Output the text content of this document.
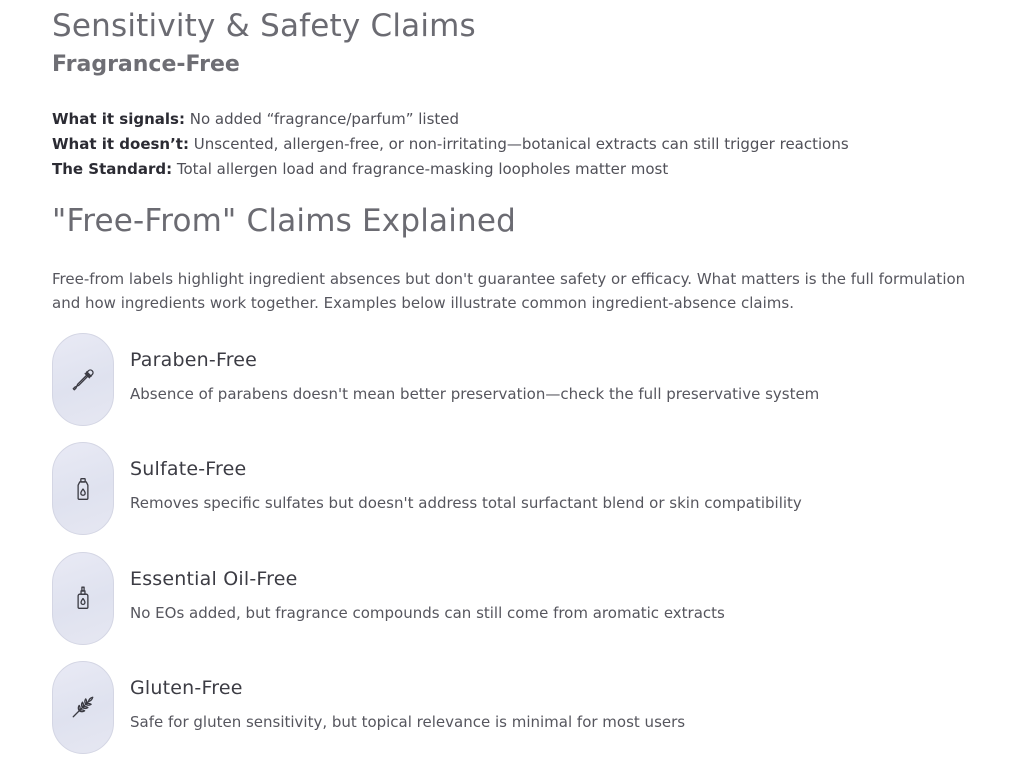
Sensitivity & Safety Claims
Fragrance-Free
What it signals: No added “fragrance/parfum” listed
What it doesn’t: Unscented, allergen-free, or non-irritating—botanical extracts can still trigger reactions
The Standard: Total allergen load and fragrance-masking loopholes matter most
"Free-From" Claims Explained

Free-from labels highlight ingredient absences but don't guarantee safety or efficacy. What matters is the full formulation and how ingredients work together. Examples below illustrate common ingredient-absence claims.

Paraben-Free
Absence of parabens doesn't mean better preservation—check the full preservative system
Sulfate-Free
Removes specific sulfates but doesn't address total surfactant blend or skin compatibility
Essential Oil-Free
No EOs added, but fragrance compounds can still come from aromatic extracts
Gluten-Free
Safe for gluten sensitivity, but topical relevance is minimal for most users
